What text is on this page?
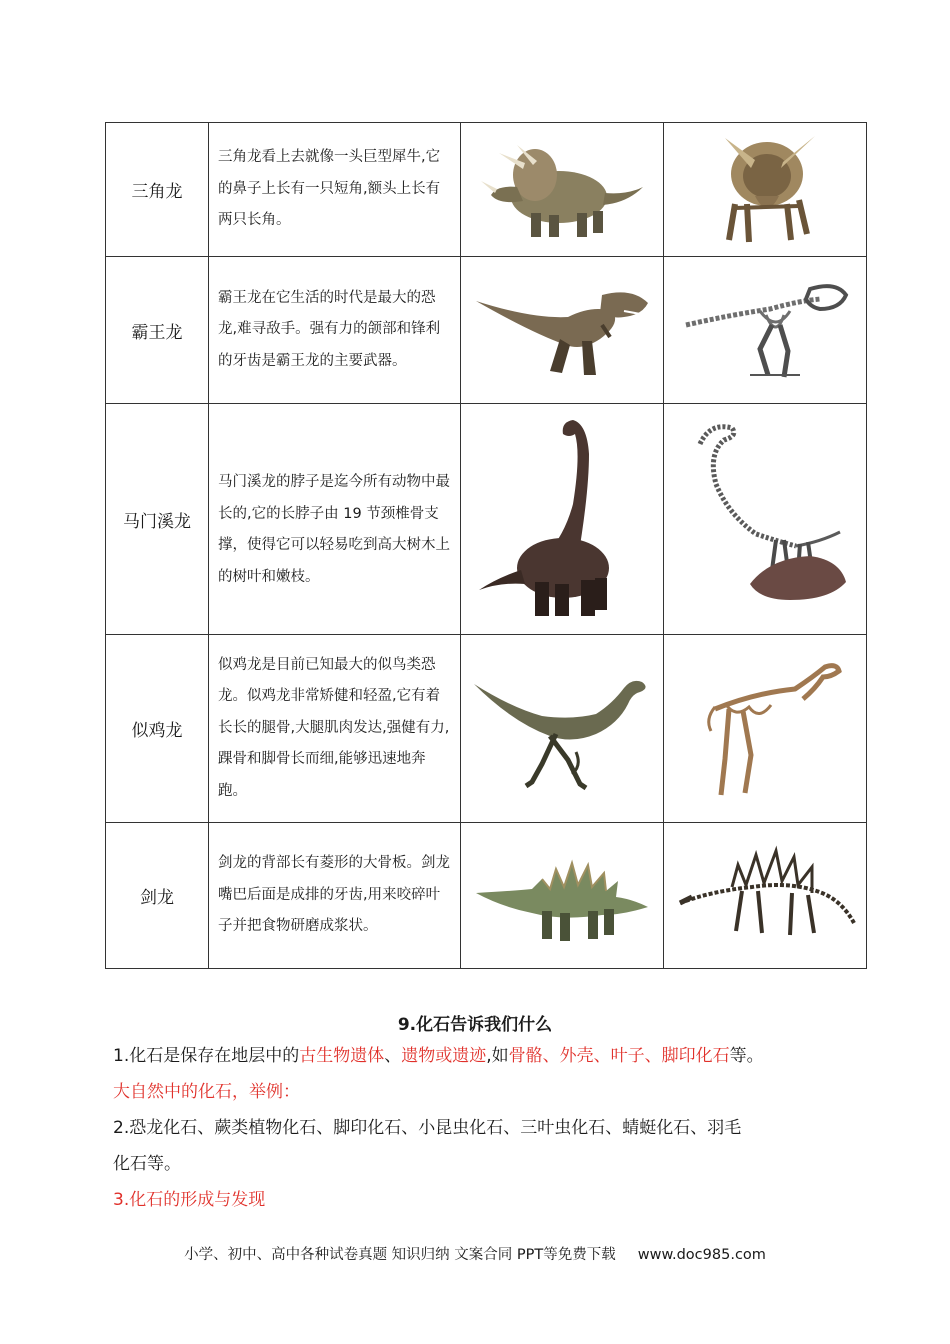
三角龙	三角龙看上去就像一头巨型犀牛,它的鼻子上长有一只短角,额头上长有两只长角。	

霸王龙	霸王龙在它生活的时代是最大的恐龙,难寻敌手。强有力的颌部和锋利的牙齿是霸王龙的主要武器。	

马门溪龙	马门溪龙的脖子是迄今所有动物中最长的,它的长脖子由 19 节颈椎骨支撑，使得它可以轻易吃到高大树木上的树叶和嫩枝。	

似鸡龙	似鸡龙是目前已知最大的似鸟类恐龙。似鸡龙非常矫健和轻盈,它有着长长的腿骨,大腿肌肉发达,强健有力,踝骨和脚骨长而细,能够迅速地奔跑。	

剑龙	剑龙的背部长有菱形的大骨板。剑龙嘴巴后面是成排的牙齿,用来咬碎叶子并把食物研磨成浆状。	

9.化石告诉我们什么
1.化石是保存在地层中的古生物遗体、遗物或遗迹,如骨骼、外壳、叶子、脚印化石等。
大自然中的化石，举例：
2.恐龙化石、蕨类植物化石、脚印化石、小昆虫化石、三叶虫化石、蜻蜓化石、羽毛
化石等。
3.化石的形成与发现
小学、初中、高中各种试卷真题 知识归纳 文案合同 PPT等免费下载 www.doc985.com
